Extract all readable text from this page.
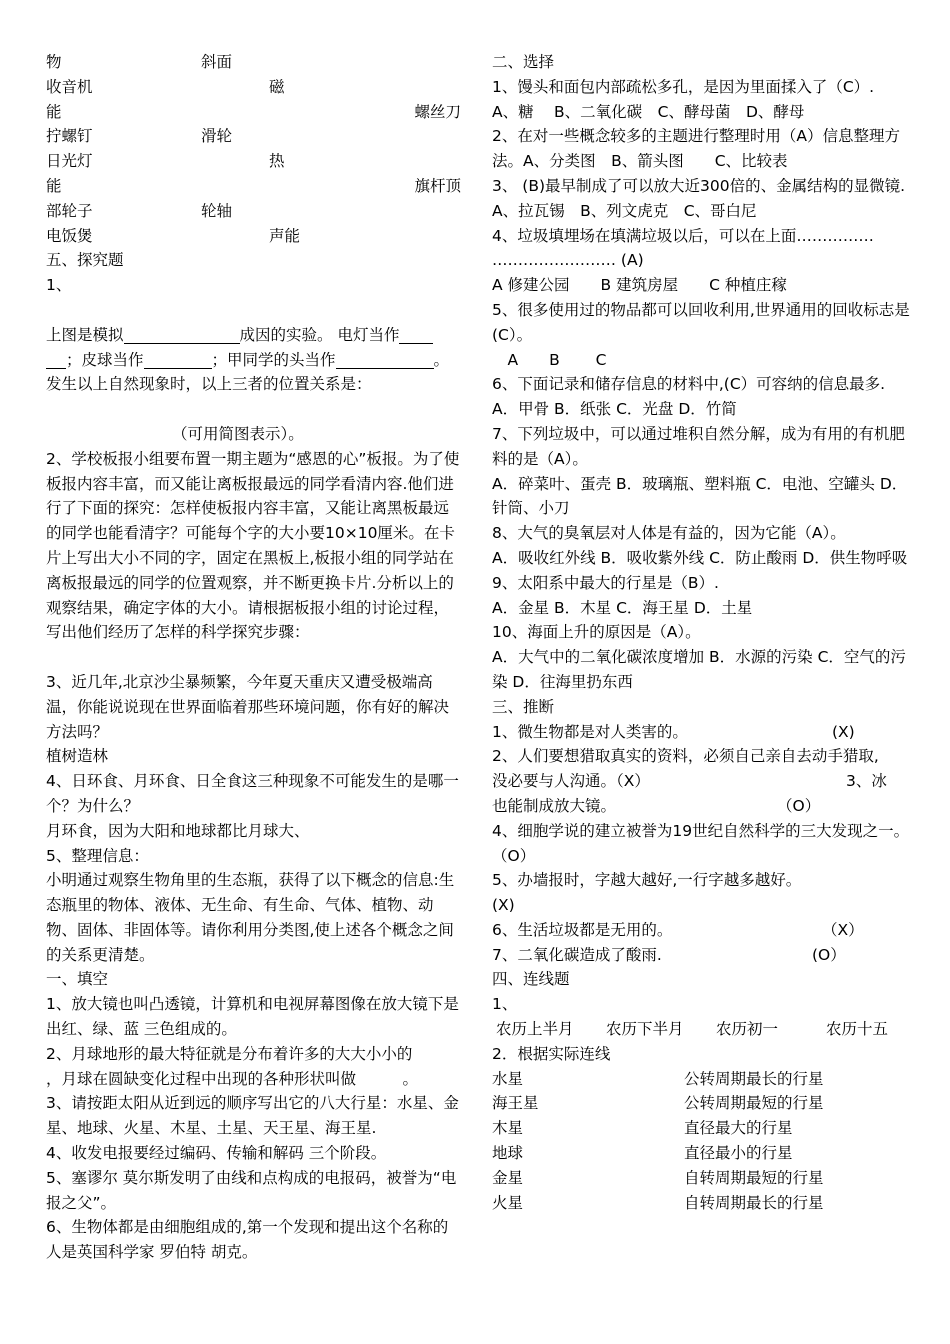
物	斜面
收音机	磁
能	螺丝刀
拧螺钉	滑轮
日光灯	热
能	旗杆顶
部轮子	轮轴
电饭煲	声能
五、探究题
1、
上图是模拟	成因的实验。 电灯当作
；皮球当作	；甲同学的头当作	。
发生以上自然现象时，以上三者的位置关系是：
（可用简图表示）。
2、学校板报小组要布置一期主题为“感恩的心”板报。为了使板报内容丰富，而又能让离板报最远的同学看清内容.他们进行了下面的探究：怎样使板报内容丰富，又能让离黑板最远的同学也能看清字？可能每个字的大小要10×10厘米。在卡片上写出大小不同的字，固定在黑板上,板报小组的同学站在离板报最远的同学的位置观察，并不断更换卡片.分析以上的观察结果，确定字体的大小。请根据板报小组的讨论过程，写出他们经历了怎样的科学探究步骤：
3、近几年,北京沙尘暴频繁，今年夏天重庆又遭受极端高温，你能说说现在世界面临着那些环境问题，你有好的解决方法吗？
植树造林
4、日环食、月环食、日全食这三种现象不可能发生的是哪一个？为什么？
月环食，因为大阳和地球都比月球大、
5、整理信息：
小明通过观察生物角里的生态瓶，获得了以下概念的信息:生态瓶里的物体、液体、无生命、有生命、气体、植物、动物、固体、非固体等。请你利用分类图,使上述各个概念之间的关系更清楚。
一、填空
1、放大镜也叫凸透镜，计算机和电视屏幕图像在放大镜下是出红、绿、蓝 三色组成的。
2、月球地形的最大特征就是分布着许多的大大小小的
，月球在圆缺变化过程中出现的各种形状叫做　　　。
3、请按距太阳从近到远的顺序写出它的八大行星：水星、金星、地球、火星、木星、土星、天王星、海王星.
4、收发电报要经过编码、传输和解码 三个阶段。
5、塞谬尔 莫尔斯发明了由线和点构成的电报码，被誉为“电报之父”。
6、生物体都是由细胞组成的,第一个发现和提出这个名称的人是英国科学家 罗伯特 胡克。
二、选择
1、馒头和面包内部疏松多孔，是因为里面揉入了（C）.
A、糖　 B、二氧化碳　C、酵母菌　D、酵母
2、在对一些概念较多的主题进行整理时用（A）信息整理方法。A、分类图　B、箭头图　　C、比较表
3、 (B)最早制成了可以放大近300倍的、金属结构的显微镜.
A、拉瓦锡　B、列文虎克　C、哥白尼
4、垃圾填埋场在填满垃圾以后，可以在上面……………
…………………… (A)
A 修建公园　　B 建筑房屋　　C 种植庄稼
5、很多使用过的物品都可以回收利用,世界通用的回收标志是(C）。
　A　　B　　 C
6、下面记录和储存信息的材料中,(C）可容纳的信息最多.
A．甲骨 B．纸张 C．光盘 D．竹简
7、下列垃圾中，可以通过堆积自然分解，成为有用的有机肥料的是（A）。
A．碎菜叶、蛋壳 B．玻璃瓶、塑料瓶 C．电池、空罐头 D．针筒、小刀
8、大气的臭氧层对人体是有益的，因为它能（A）。
A．吸收红外线 B．吸收紫外线 C．防止酸雨 D．供生物呼吸
9、太阳系中最大的行星是（B）.
A．金星 B．木星 C．海王星 D．土星
10、海面上升的原因是（A）。
A．大气中的二氧化碳浓度增加 B．水源的污染 C．空气的污染 D．往海里扔东西
三、推断
1、微生物都是对人类害的。	(X)
2、人们要想猎取真实的资料，必须自己亲自去动手猎取,
没必要与人沟通。（X）	3、冰
也能制成放大镜。	（O）
4、细胞学说的建立被誉为19世纪自然科学的三大发现之一。（O）
5、办墙报时，字越大越好,一行字越多越好。
(X)
6、生活垃圾都是无用的。	（X）
7、二氧化碳造成了酸雨.	(O）
四、连线题
1、
农历上半月	农历下半月	农历初一	农历十五
2．根据实际连线
水星	公转周期最长的行星
海王星	公转周期最短的行星
木星	直径最大的行星
地球	直径最小的行星
金星	自转周期最短的行星
火星	自转周期最长的行星
